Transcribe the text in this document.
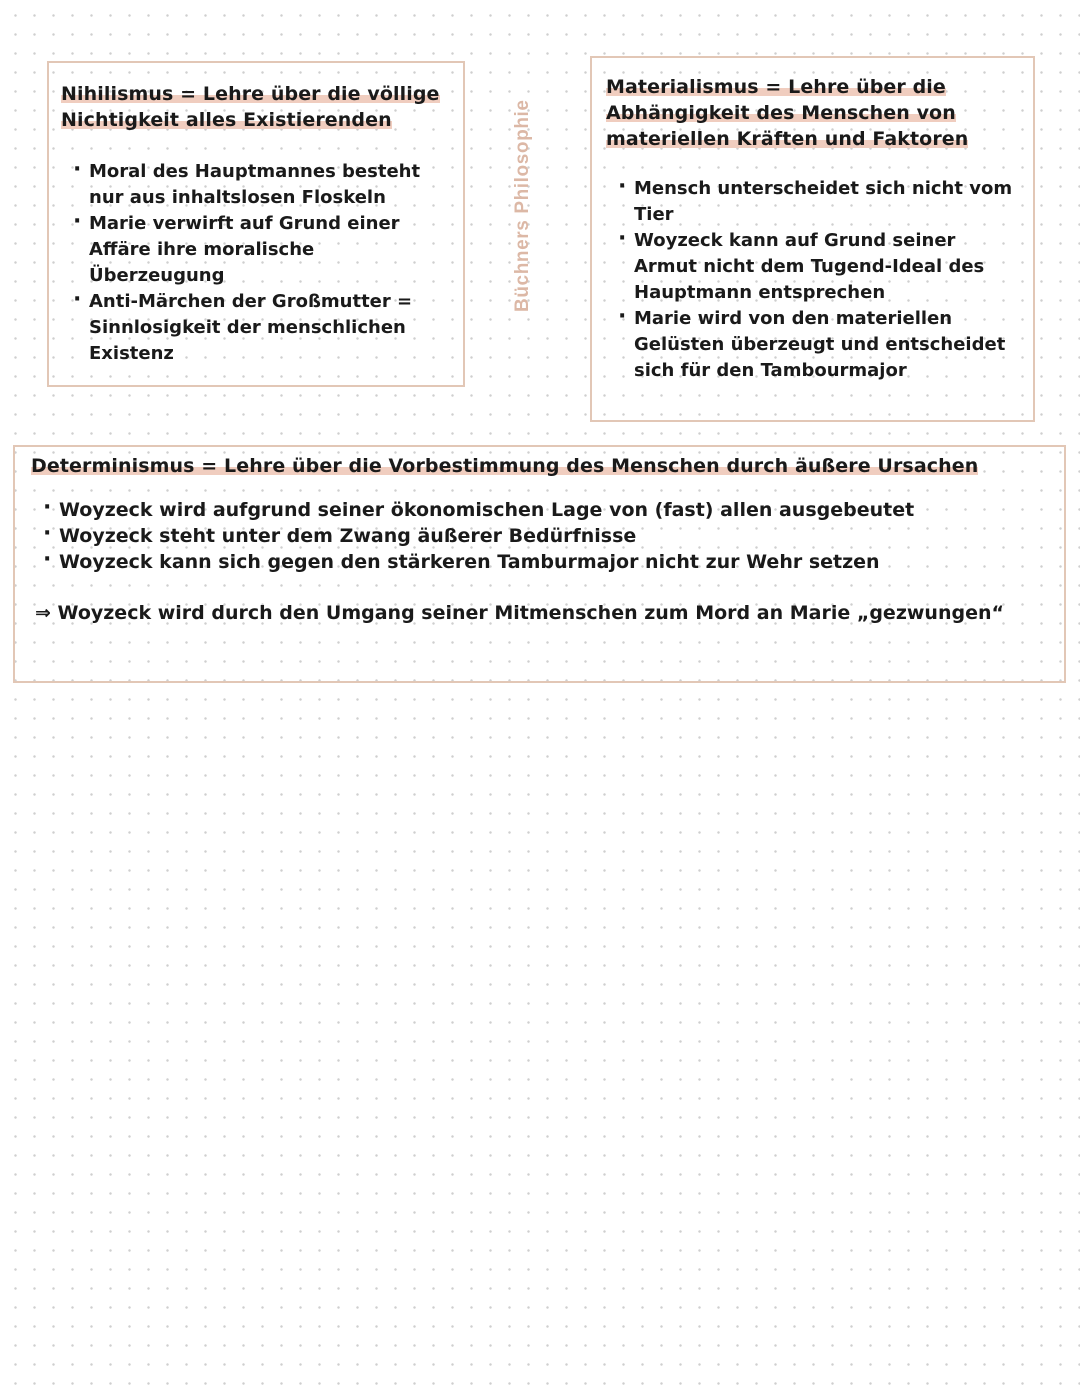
Nihilismus = Lehre über die völlige Nichtigkeit alles Existierenden

· Moral des Hauptmannes besteht nur aus inhaltslosen Floskeln
· Marie verwirft auf Grund einer Affäre ihre moralische Überzeugung
· Anti-Märchen der Großmutter = Sinnlosigkeit der menschlichen Existenz
Büchners Philosophie

Materialismus = Lehre über die Abhängigkeit des Menschen von materiellen Kräften und Faktoren

· Mensch unterscheidet sich nicht vom Tier
· Woyzeck kann auf Grund seiner Armut nicht dem Tugend-Ideal des Hauptmann entsprechen
· Marie wird von den materiellen Gelüsten überzeugt und entscheidet sich für den Tambourmajor

Determinismus = Lehre über die Vorbestimmung des Menschen durch äußere Ursachen

· Woyzeck wird aufgrund seiner ökonomischen Lage von (fast) allen ausgebeutet
· Woyzeck steht unter dem Zwang äußerer Bedürfnisse
· Woyzeck kann sich gegen den stärkeren Tamburmajor nicht zur Wehr setzen
⇒ Woyzeck wird durch den Umgang seiner Mitmenschen zum Mord an Marie „gezwungen“
